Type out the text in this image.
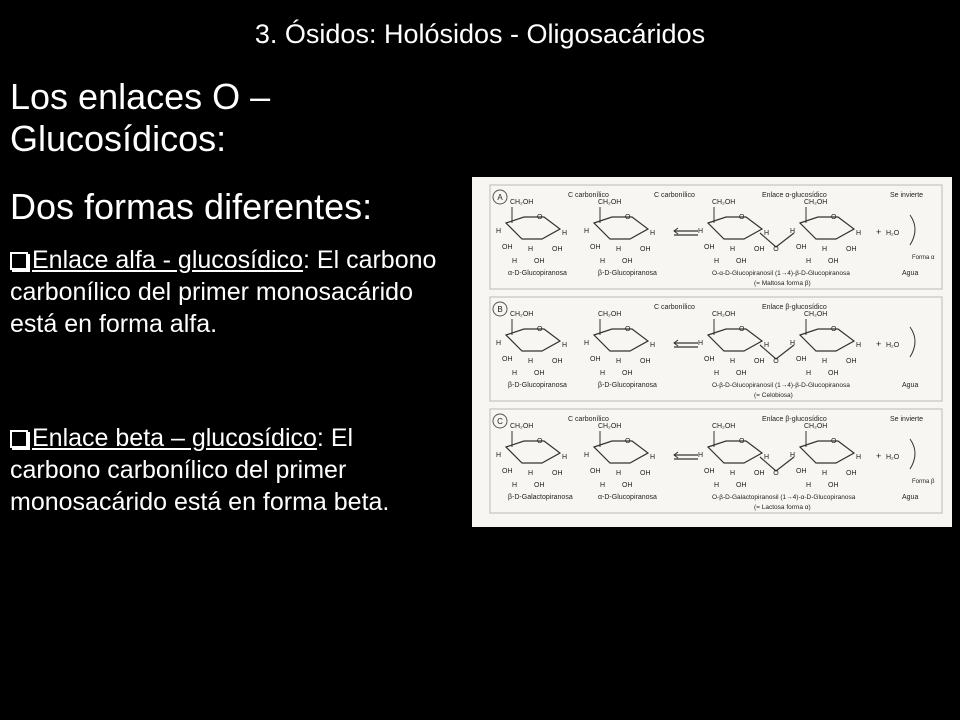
3. Ósidos: Holósidos - Oligosacáridos
Los enlaces O – Glucosídicos:
Dos formas diferentes:
Enlace alfa - glucosídico: El carbono carbonílico del primer monosacárido está en forma alfa.
Enlace beta – glucosídico: El carbono carbonílico del primer monosacárido está en forma beta.
A	C carbonílico	C carbonílico	Enlace α-glucosídico	Se invierte
CH₂OH
O
H
OH H	OH
H OH
H
CH₂OH
O
H
OH H	OH
H OH
H
CH₂OH
O
H
OH H	OH
H OH
H
CH₂OH
O
H
OH H	OH
H OH
H
O
+ H₂O
Forma α
α-D-Glucopiranosa	β-D-Glucopiranosa	O-α-D-Glucopiranosil (1→4)-β-D-Glucopiranosa
(= Maltosa forma β)
Agua
B	C carbonílico	Enlace β-glucosídico
CH₂OH
O
H
OH H	OH
H OH
H
CH₂OH
O
H
OH H	OH
H OH
H
CH₂OH
O
H
OH H	OH
H OH
H
CH₂OH
O
H
OH H	OH
H OH
H
O
+ H₂O
β-D-Glucopiranosa	β-D-Glucopiranosa	O-β-D-Glucopiranosil (1→4)-β-D-Glucopiranosa
(= Celobiosa)
Agua
C	C carbonílico	Enlace β-glucosídico	Se invierte
CH₂OH
O
H
OH H	OH
H OH
H
CH₂OH
O
H
OH H	OH
H OH
H
CH₂OH
O
H
OH H	OH
H OH
H
CH₂OH
O
H
OH H	OH
H OH
H
O
+ H₂O
Forma β
β-D-Galactopiranosa	α-D-Glucopiranosa	O-β-D-Galactopiranosil (1→4)-α-D-Glucopiranosa
(= Lactosa forma α)
Agua
